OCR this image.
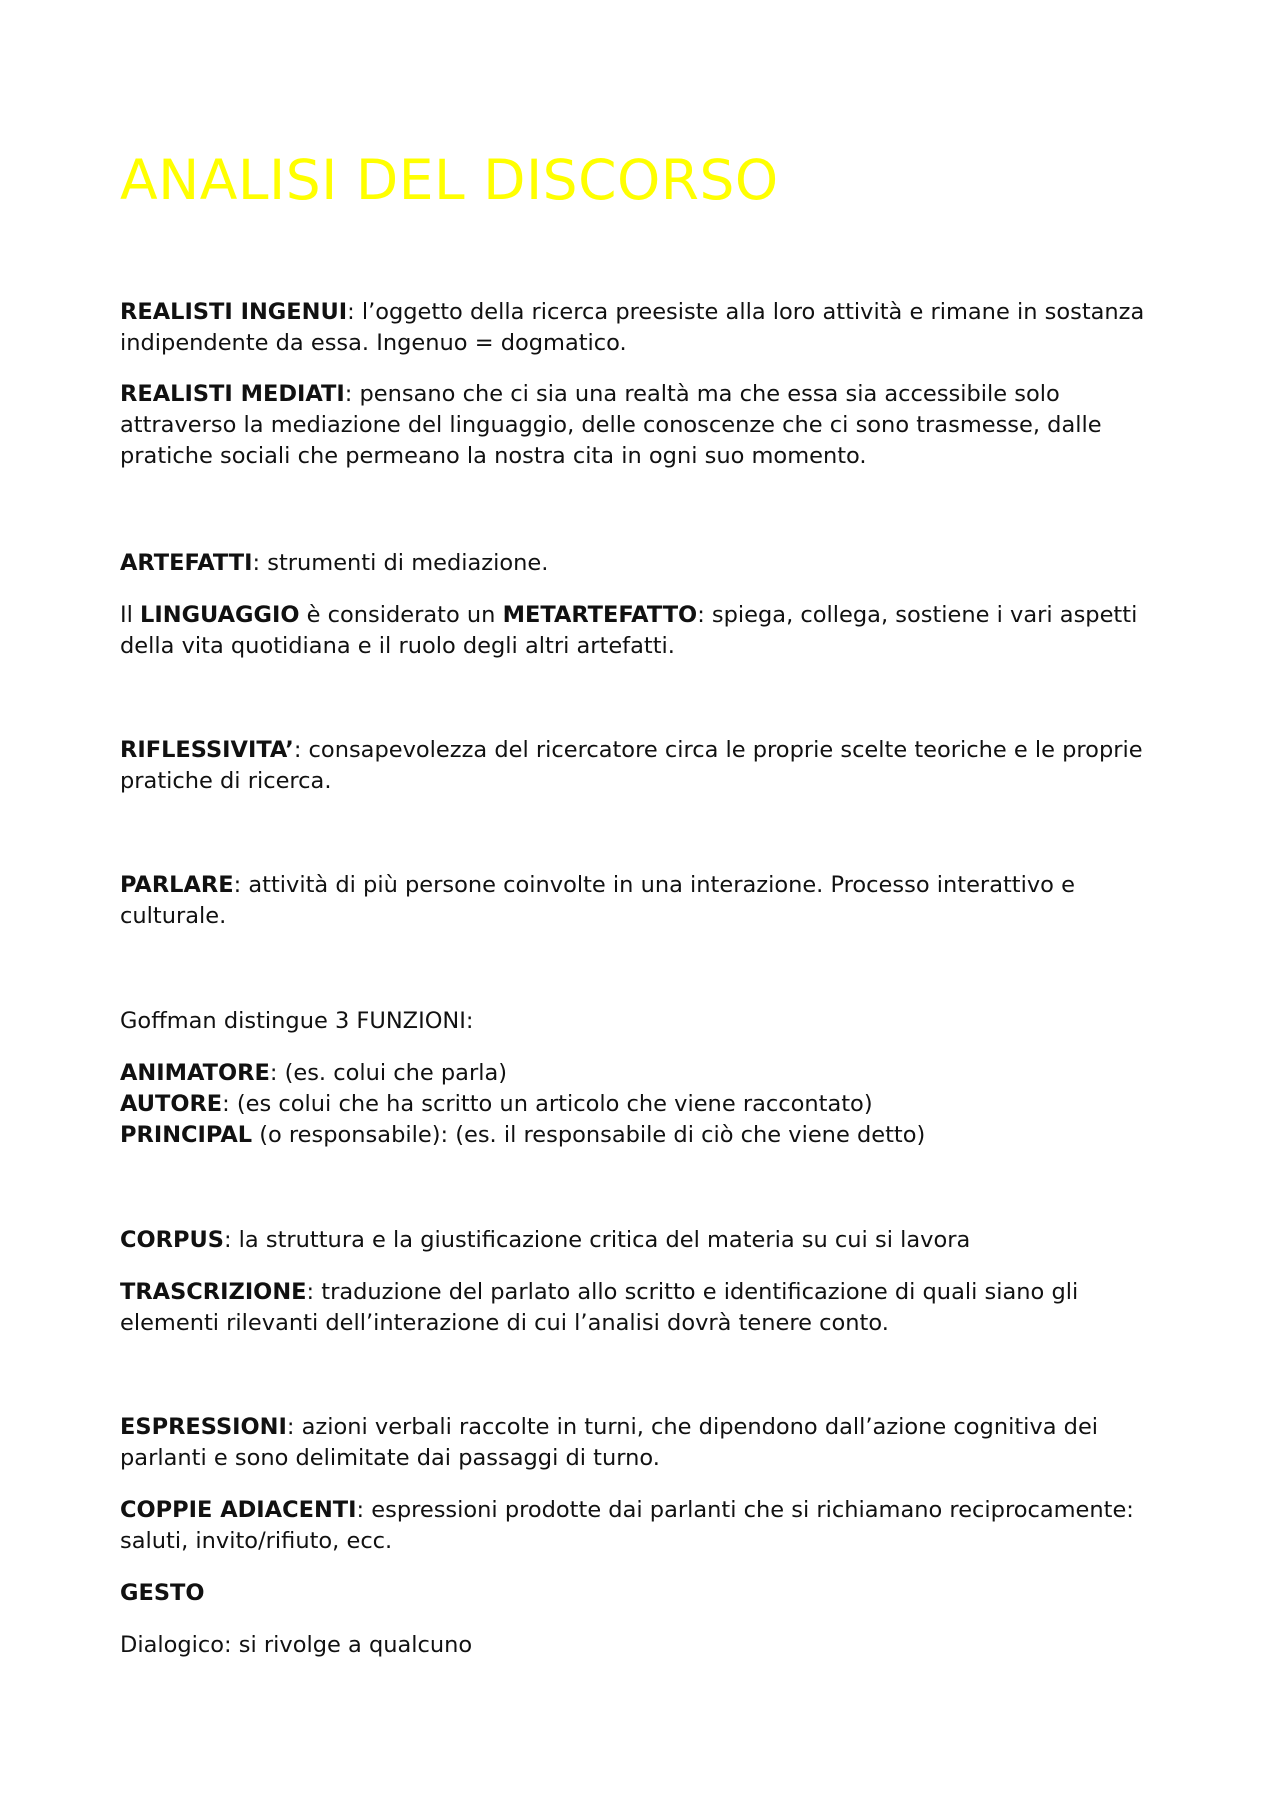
ANALISI DEL DISCORSO

REALISTI INGENUI: l’oggetto della ricerca preesiste alla loro attività e rimane in sostanza indipendente da essa. Ingenuo = dogmatico.

REALISTI MEDIATI: pensano che ci sia una realtà ma che essa sia accessibile solo attraverso la mediazione del linguaggio, delle conoscenze che ci sono trasmesse, dalle pratiche sociali che permeano la nostra cita in ogni suo momento.

ARTEFATTI: strumenti di mediazione.

Il LINGUAGGIO è considerato un METARTEFATTO: spiega, collega, sostiene i vari aspetti della vita quotidiana e il ruolo degli altri artefatti.

RIFLESSIVITA’: consapevolezza del ricercatore circa le proprie scelte teoriche e le proprie pratiche di ricerca.

PARLARE: attività di più persone coinvolte in una interazione. Processo interattivo e culturale.

Goffman distingue 3 FUNZIONI:

ANIMATORE: (es. colui che parla)
AUTORE: (es colui che ha scritto un articolo che viene raccontato)
PRINCIPAL (o responsabile): (es. il responsabile di ciò che viene detto)

CORPUS: la struttura e la giustificazione critica del materia su cui si lavora

TRASCRIZIONE: traduzione del parlato allo scritto e identificazione di quali siano gli elementi rilevanti dell’interazione di cui l’analisi dovrà tenere conto.

ESPRESSIONI: azioni verbali raccolte in turni, che dipendono dall’azione cognitiva dei parlanti e sono delimitate dai passaggi di turno.

COPPIE ADIACENTI: espressioni prodotte dai parlanti che si richiamano reciprocamente: saluti, invito/rifiuto, ecc.

GESTO

Dialogico: si rivolge a qualcuno
